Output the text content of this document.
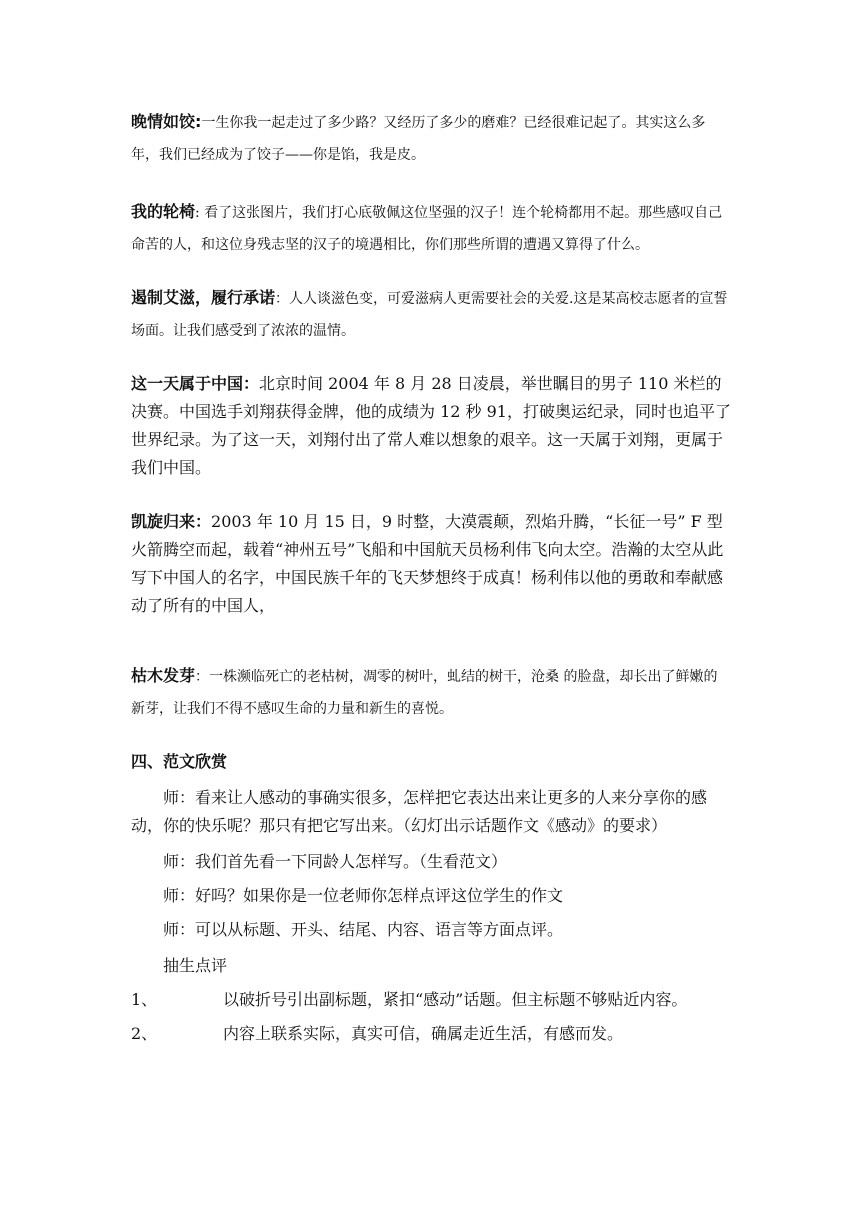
晚情如饺:一生你我一起走过了多少路？又经历了多少的磨难？已经很难记起了。其实这么多年，我们已经成为了饺子——你是馅，我是皮。

我的轮椅: 看了这张图片，我们打心底敬佩这位坚强的汉子！连个轮椅都用不起。那些感叹自己命苦的人，和这位身残志坚的汉子的境遇相比，你们那些所谓的遭遇又算得了什么。

遏制艾滋，履行承诺：人人谈滋色变，可爱滋病人更需要社会的关爱.这是某高校志愿者的宣誓场面。让我们感受到了浓浓的温情。

这一天属于中国：北京时间 2004 年 8 月 28 日凌晨，举世瞩目的男子 110 米栏的决赛。中国选手刘翔获得金牌，他的成绩为 12 秒 91，打破奥运纪录，同时也追平了世界纪录。为了这一天，刘翔付出了常人难以想象的艰辛。这一天属于刘翔，更属于我们中国。

凯旋归来：2003 年 10 月 15 日，9 时整，大漠震颠，烈焰升腾，“长征一号” F 型火箭腾空而起，载着“神州五号”飞船和中国航天员杨利伟飞向太空。浩瀚的太空从此写下中国人的名字，中国民族千年的飞天梦想终于成真！杨利伟以他的勇敢和奉献感动了所有的中国人，

枯木发芽：一株濒临死亡的老枯树，凋零的树叶，虬结的树干，沧桑 的脸盘，却长出了鲜嫩的新芽，让我们不得不感叹生命的力量和新生的喜悦。

四、范文欣赏

师：看来让人感动的事确实很多，怎样把它表达出来让更多的人来分享你的感动，你的快乐呢？那只有把它写出来。（幻灯出示话题作文《感动》的要求）

师：我们首先看一下同龄人怎样写。（生看范文）

师：好吗？如果你是一位老师你怎样点评这位学生的作文

师：可以从标题、开头、结尾、内容、语言等方面点评。

抽生点评

1、	以破折号引出副标题，紧扣“感动”话题。但主标题不够贴近内容。

2、	内容上联系实际，真实可信，确属走近生活，有感而发。
